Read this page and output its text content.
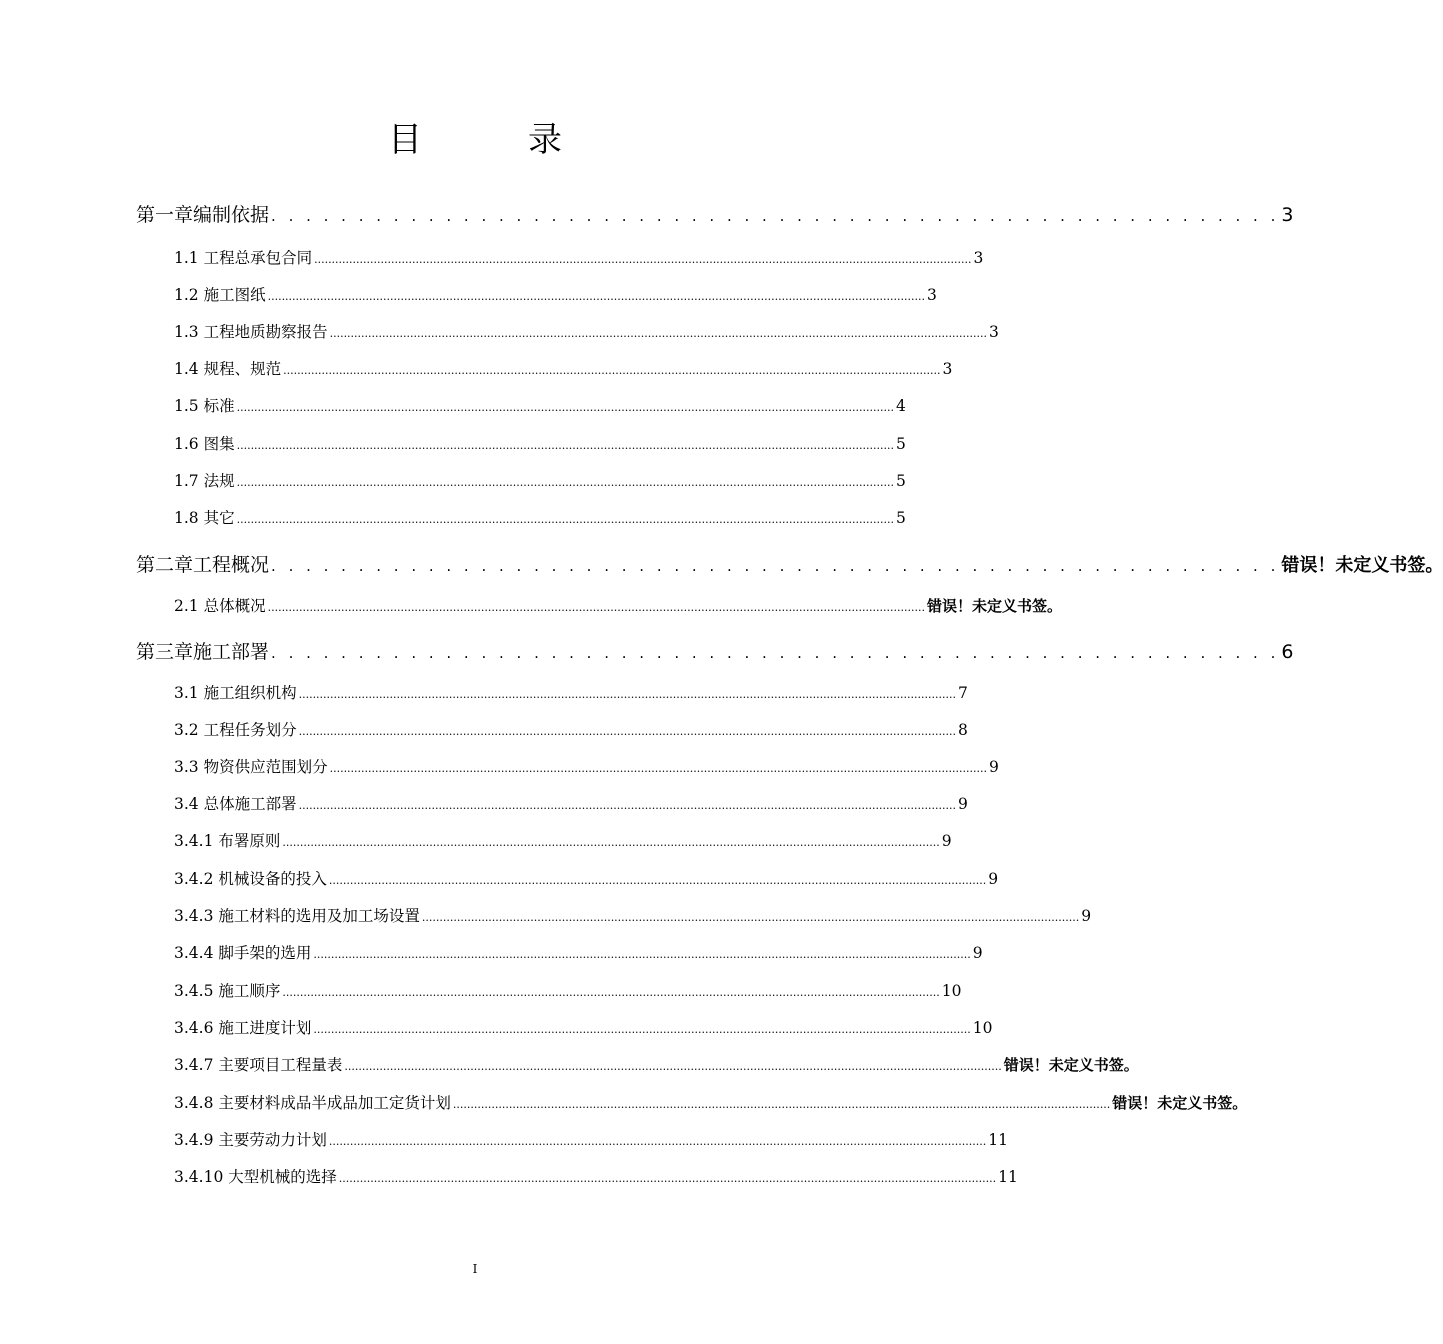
目　录
第一章 编制依据 . . . . . . . . . . . . . . . . . . . . . . . . . . . . . . . . . . . . . . . . . . . . . . . . . . . . . . . . . . 3
1.1 工程总承包合同 ............................................................................................................................................................................................ 3
1.2 施工图纸 ............................................................................................................................................................................................ 3
1.3 工程地质勘察报告 ............................................................................................................................................................................................ 3
1.4 规程、规范 ............................................................................................................................................................................................ 3
1.5 标准 ............................................................................................................................................................................................ 4
1.6 图集 ............................................................................................................................................................................................ 5
1.7 法规 ............................................................................................................................................................................................ 5
1.8 其它 ............................................................................................................................................................................................ 5
第二章 工程概况 . . . . . . . . . . . . . . . . . . . . . . . . . . . . . . . . . . . . . . . . . . . . . . . . . . . . . . . . . . 错误！未定义书签。
2.1 总体概况 ............................................................................................................................................................................................ 错误！未定义书签。
第三章 施工部署 . . . . . . . . . . . . . . . . . . . . . . . . . . . . . . . . . . . . . . . . . . . . . . . . . . . . . . . . . . 6
3.1 施工组织机构 ............................................................................................................................................................................................ 7
3.2 工程任务划分 ............................................................................................................................................................................................ 8
3.3 物资供应范围划分 ............................................................................................................................................................................................ 9
3.4 总体施工部署 ............................................................................................................................................................................................ 9
3.4.1 布署原则 ............................................................................................................................................................................................ 9
3.4.2 机械设备的投入 ............................................................................................................................................................................................ 9
3.4.3 施工材料的选用及加工场设置 ............................................................................................................................................................................................ 9
3.4.4 脚手架的选用 ............................................................................................................................................................................................ 9
3.4.5 施工顺序 ............................................................................................................................................................................................ 10
3.4.6 施工进度计划 ............................................................................................................................................................................................ 10
3.4.7 主要项目工程量表 ............................................................................................................................................................................................ 错误！未定义书签。
3.4.8 主要材料成品半成品加工定货计划 ............................................................................................................................................................................................ 错误！未定义书签。
3.4.9 主要劳动力计划 ............................................................................................................................................................................................ 11
3.4.10 大型机械的选择 ............................................................................................................................................................................................ 11
I
